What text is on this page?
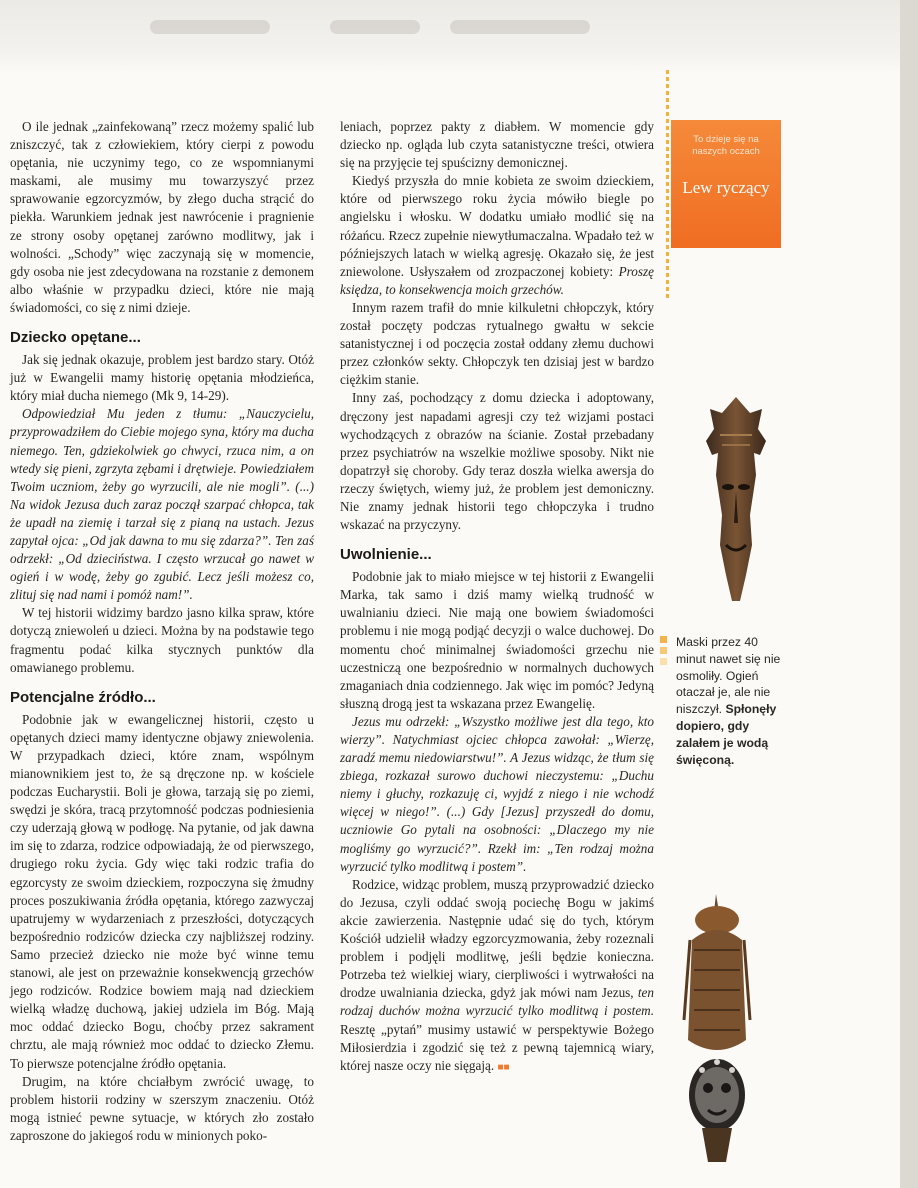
O ile jednak „zainfekowaną” rzecz możemy spalić lub zniszczyć, tak z człowiekiem, który cierpi z powodu opętania, nie uczynimy tego, co ze wspomnianymi maskami, ale musimy mu towarzyszyć przez sprawowanie egzorcyzmów, by złego ducha strącić do piekła. Warunkiem jednak jest nawrócenie i pragnienie ze strony osoby opętanej zarówno modlitwy, jak i wolności. „Schody” więc zaczynają się w momencie, gdy osoba nie jest zdecydowana na rozstanie z demonem albo właśnie w przypadku dzieci, które nie mają świadomości, co się z nimi dzieje.

Dziecko opętane...

Jak się jednak okazuje, problem jest bardzo stary. Otóż już w Ewangelii mamy historię opętania młodzieńca, który miał ducha niemego (Mk 9, 14-29).

Odpowiedział Mu jeden z tłumu: „Nauczycielu, przyprowadziłem do Ciebie mojego syna, który ma ducha niemego. Ten, gdziekolwiek go chwyci, rzuca nim, a on wtedy się pieni, zgrzyta zębami i drętwieje. Powiedziałem Twoim uczniom, żeby go wyrzucili, ale nie mogli”. (...) Na widok Jezusa duch zaraz począł szarpać chłopca, tak że upadł na ziemię i tarzał się z pianą na ustach. Jezus zapytał ojca: „Od jak dawna to mu się zdarza?”. Ten zaś odrzekł: „Od dzieciństwa. I często wrzucał go nawet w ogień i w wodę, żeby go zgubić. Lecz jeśli możesz co, zlituj się nad nami i pomóż nam!”.

W tej historii widzimy bardzo jasno kilka spraw, które dotyczą zniewoleń u dzieci. Można by na podstawie tego fragmentu podać kilka stycznych punktów dla omawianego problemu.

Potencjalne źródło...

Podobnie jak w ewangelicznej historii, często u opętanych dzieci mamy identyczne objawy zniewolenia. W przypadkach dzieci, które znam, wspólnym mianownikiem jest to, że są dręczone np. w kościele podczas Eucharystii. Boli je głowa, tarzają się po ziemi, swędzi je skóra, tracą przytomność podczas podniesienia czy uderzają głową w podłogę. Na pytanie, od jak dawna im się to zdarza, rodzice odpowiadają, że od pierwszego, drugiego roku życia. Gdy więc taki rodzic trafia do egzorcysty ze swoim dzieckiem, rozpoczyna się żmudny proces poszukiwania źródła opętania, którego zazwyczaj upatrujemy w wydarzeniach z przeszłości, dotyczących bezpośrednio rodziców dziecka czy najbliższej rodziny. Samo przecież dziecko nie może być winne temu stanowi, ale jest on przeważnie konsekwencją grzechów jego rodziców. Rodzice bowiem mają nad dzieckiem wielką władzę duchową, jakiej udziela im Bóg. Mają moc oddać dziecko Bogu, choćby przez sakrament chrztu, ale mają również moc oddać to dziecko Złemu. To pierwsze potencjalne źródło opętania.

Drugim, na które chciałbym zwrócić uwagę, to problem historii rodziny w szerszym znaczeniu. Otóż mogą istnieć pewne sytuacje, w których zło zostało zaproszone do jakiegoś rodu w minionych poko-

leniach, poprzez pakty z diabłem. W momencie gdy dziecko np. ogląda lub czyta satanistyczne treści, otwiera się na przyjęcie tej spuścizny demonicznej.

Kiedyś przyszła do mnie kobieta ze swoim dzieckiem, które od pierwszego roku życia mówiło biegle po angielsku i włosku. W dodatku umiało modlić się na różańcu. Rzecz zupełnie niewytłumaczalna. Wpadało też w późniejszych latach w wielką agresję. Okazało się, że jest zniewolone. Usłyszałem od zrozpaczonej kobiety: Proszę księdza, to konsekwencja moich grzechów.

Innym razem trafił do mnie kilkuletni chłopczyk, który został poczęty podczas rytualnego gwałtu w sekcie satanistycznej i od poczęcia został oddany złemu duchowi przez członków sekty. Chłopczyk ten dzisiaj jest w bardzo ciężkim stanie.

Inny zaś, pochodzący z domu dziecka i adoptowany, dręczony jest napadami agresji czy też wizjami postaci wychodzących z obrazów na ścianie. Został przebadany przez psychiatrów na wszelkie możliwe sposoby. Nikt nie dopatrzył się choroby. Gdy teraz doszła wielka awersja do rzeczy świętych, wiemy już, że problem jest demoniczny. Nie znamy jednak historii tego chłopczyka i trudno wskazać na przyczyny.

Uwolnienie...

Podobnie jak to miało miejsce w tej historii z Ewangelii Marka, tak samo i dziś mamy wielką trudność w uwalnianiu dzieci. Nie mają one bowiem świadomości problemu i nie mogą podjąć decyzji o walce duchowej. Do momentu choć minimalnej świadomości grzechu nie uczestniczą one bezpośrednio w normalnych duchowych zmaganiach dnia codziennego. Jak więc im pomóc? Jedyną słuszną drogą jest ta wskazana przez Ewangelię.

Jezus mu odrzekł: „Wszystko możliwe jest dla tego, kto wierzy”. Natychmiast ojciec chłopca zawołał: „Wierzę, zaradź memu niedowiarstwu!”. A Jezus widząc, że tłum się zbiega, rozkazał surowo duchowi nieczystemu: „Duchu niemy i głuchy, rozkazuję ci, wyjdź z niego i nie wchodź więcej w niego!”. (...) Gdy [Jezus] przyszedł do domu, uczniowie Go pytali na osobności: „Dlaczego my nie mogliśmy go wyrzucić?”. Rzekł im: „Ten rodzaj można wyrzucić tylko modlitwą i postem”.

Rodzice, widząc problem, muszą przyprowadzić dziecko do Jezusa, czyli oddać swoją pociechę Bogu w jakimś akcie zawierzenia. Następnie udać się do tych, którym Kościół udzielił władzy egzorcyzmowania, żeby rozeznali problem i podjęli modlitwę, jeśli będzie konieczna. Potrzeba też wielkiej wiary, cierpliwości i wytrwałości na drodze uwalniania dziecka, gdyż jak mówi nam Jezus, ten rodzaj duchów można wyrzucić tylko modlitwą i postem. Resztę „pytań” musimy ustawić w perspektywie Bożego Miłosierdzia i zgodzić się też z pewną tajemnicą wiary, której nasze oczy nie sięgają. ■■

To dzieje się na naszych oczach
Lew ryczący
Maski przez 40 minut nawet się nie osmoliły. Ogień otaczał je, ale nie niszczył. Spłonęły dopiero, gdy zalałem je wodą święconą.
